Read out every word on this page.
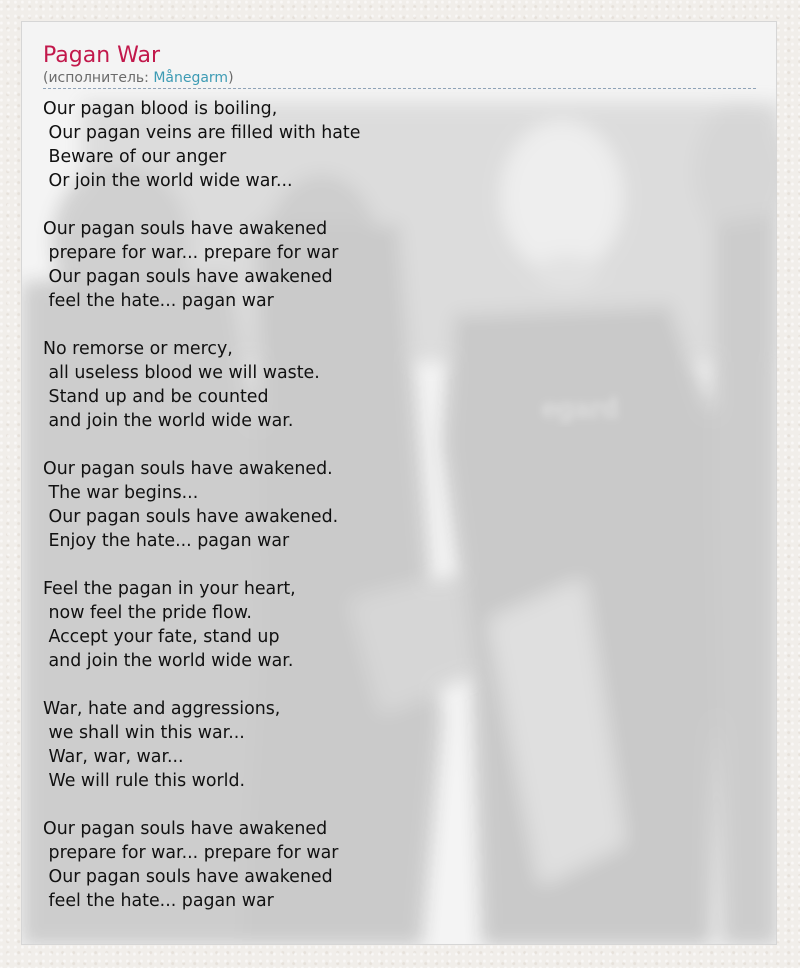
egard
Pagan War
(исполнитель: Månegarm)
Our pagan blood is boiling,
Our pagan veins are filled with hate
Beware of our anger
Or join the world wide war...

Our pagan souls have awakened
prepare for war... prepare for war
Our pagan souls have awakened
feel the hate... pagan war

No remorse or mercy,
all useless blood we will waste.
Stand up and be counted
and join the world wide war.

Our pagan souls have awakened.
The war begins...
Our pagan souls have awakened.
Enjoy the hate... pagan war

Feel the pagan in your heart,
now feel the pride flow.
Accept your fate, stand up
and join the world wide war.

War, hate and aggressions,
we shall win this war...
War, war, war...
We will rule this world.

Our pagan souls have awakened
prepare for war... prepare for war
Our pagan souls have awakened
feel the hate... pagan war
